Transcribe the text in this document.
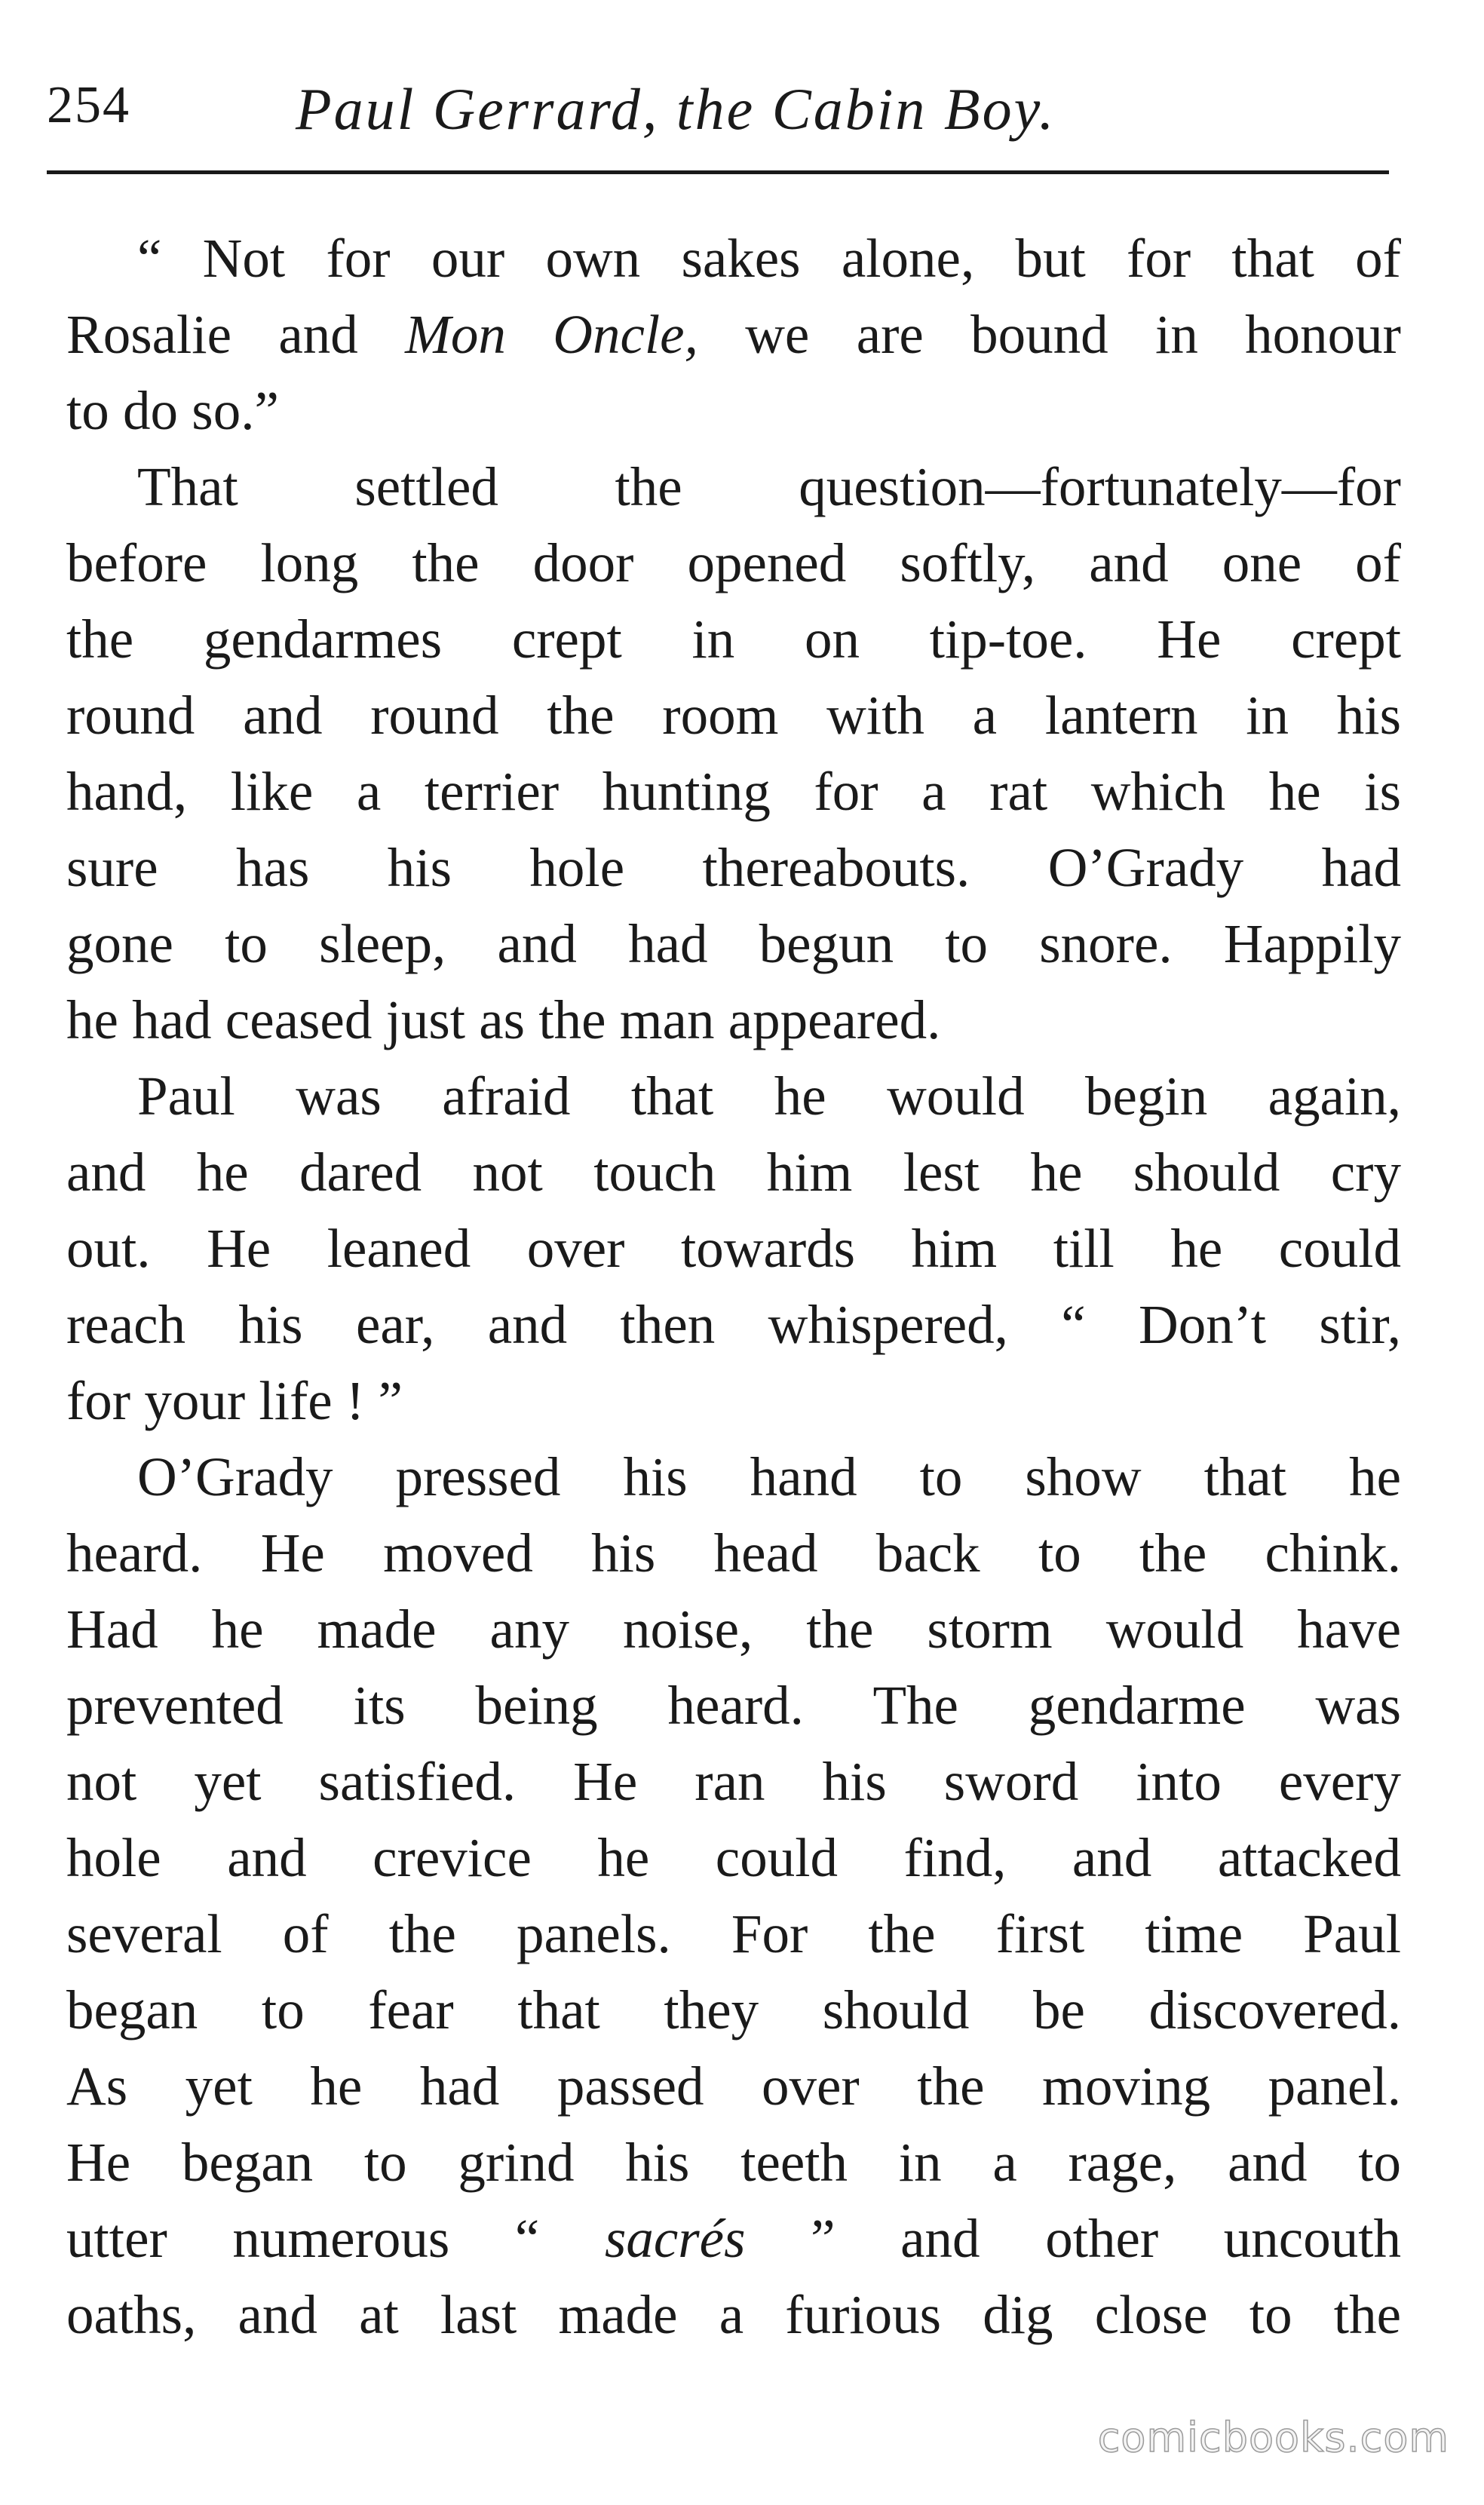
254	Paul Gerrard, the Cabin Boy.
“ Not for our own sakes alone, but for that of
Rosalie and Mon Oncle, we are bound in honour
to do so.”
That settled the question—fortunately—for
before long the door opened softly, and one of
the gendarmes crept in on tip-toe. He crept
round and round the room with a lantern in his
hand, like a terrier hunting for a rat which he is
sure has his hole thereabouts. O’Grady had
gone to sleep, and had begun to snore. Happily
he had ceased just as the man appeared.
Paul was afraid that he would begin again,
and he dared not touch him lest he should cry
out. He leaned over towards him till he could
reach his ear, and then whispered, “ Don’t stir,
for your life ! ”
O’Grady pressed his hand to show that he
heard. He moved his head back to the chink.
Had he made any noise, the storm would have
prevented its being heard. The gendarme was
not yet satisfied. He ran his sword into every
hole and crevice he could find, and attacked
several of the panels. For the first time Paul
began to fear that they should be discovered.
As yet he had passed over the moving panel.
He began to grind his teeth in a rage, and to
utter numerous “ sacrés ” and other uncouth
oaths, and at last made a furious dig close to the
comicbooks.com
